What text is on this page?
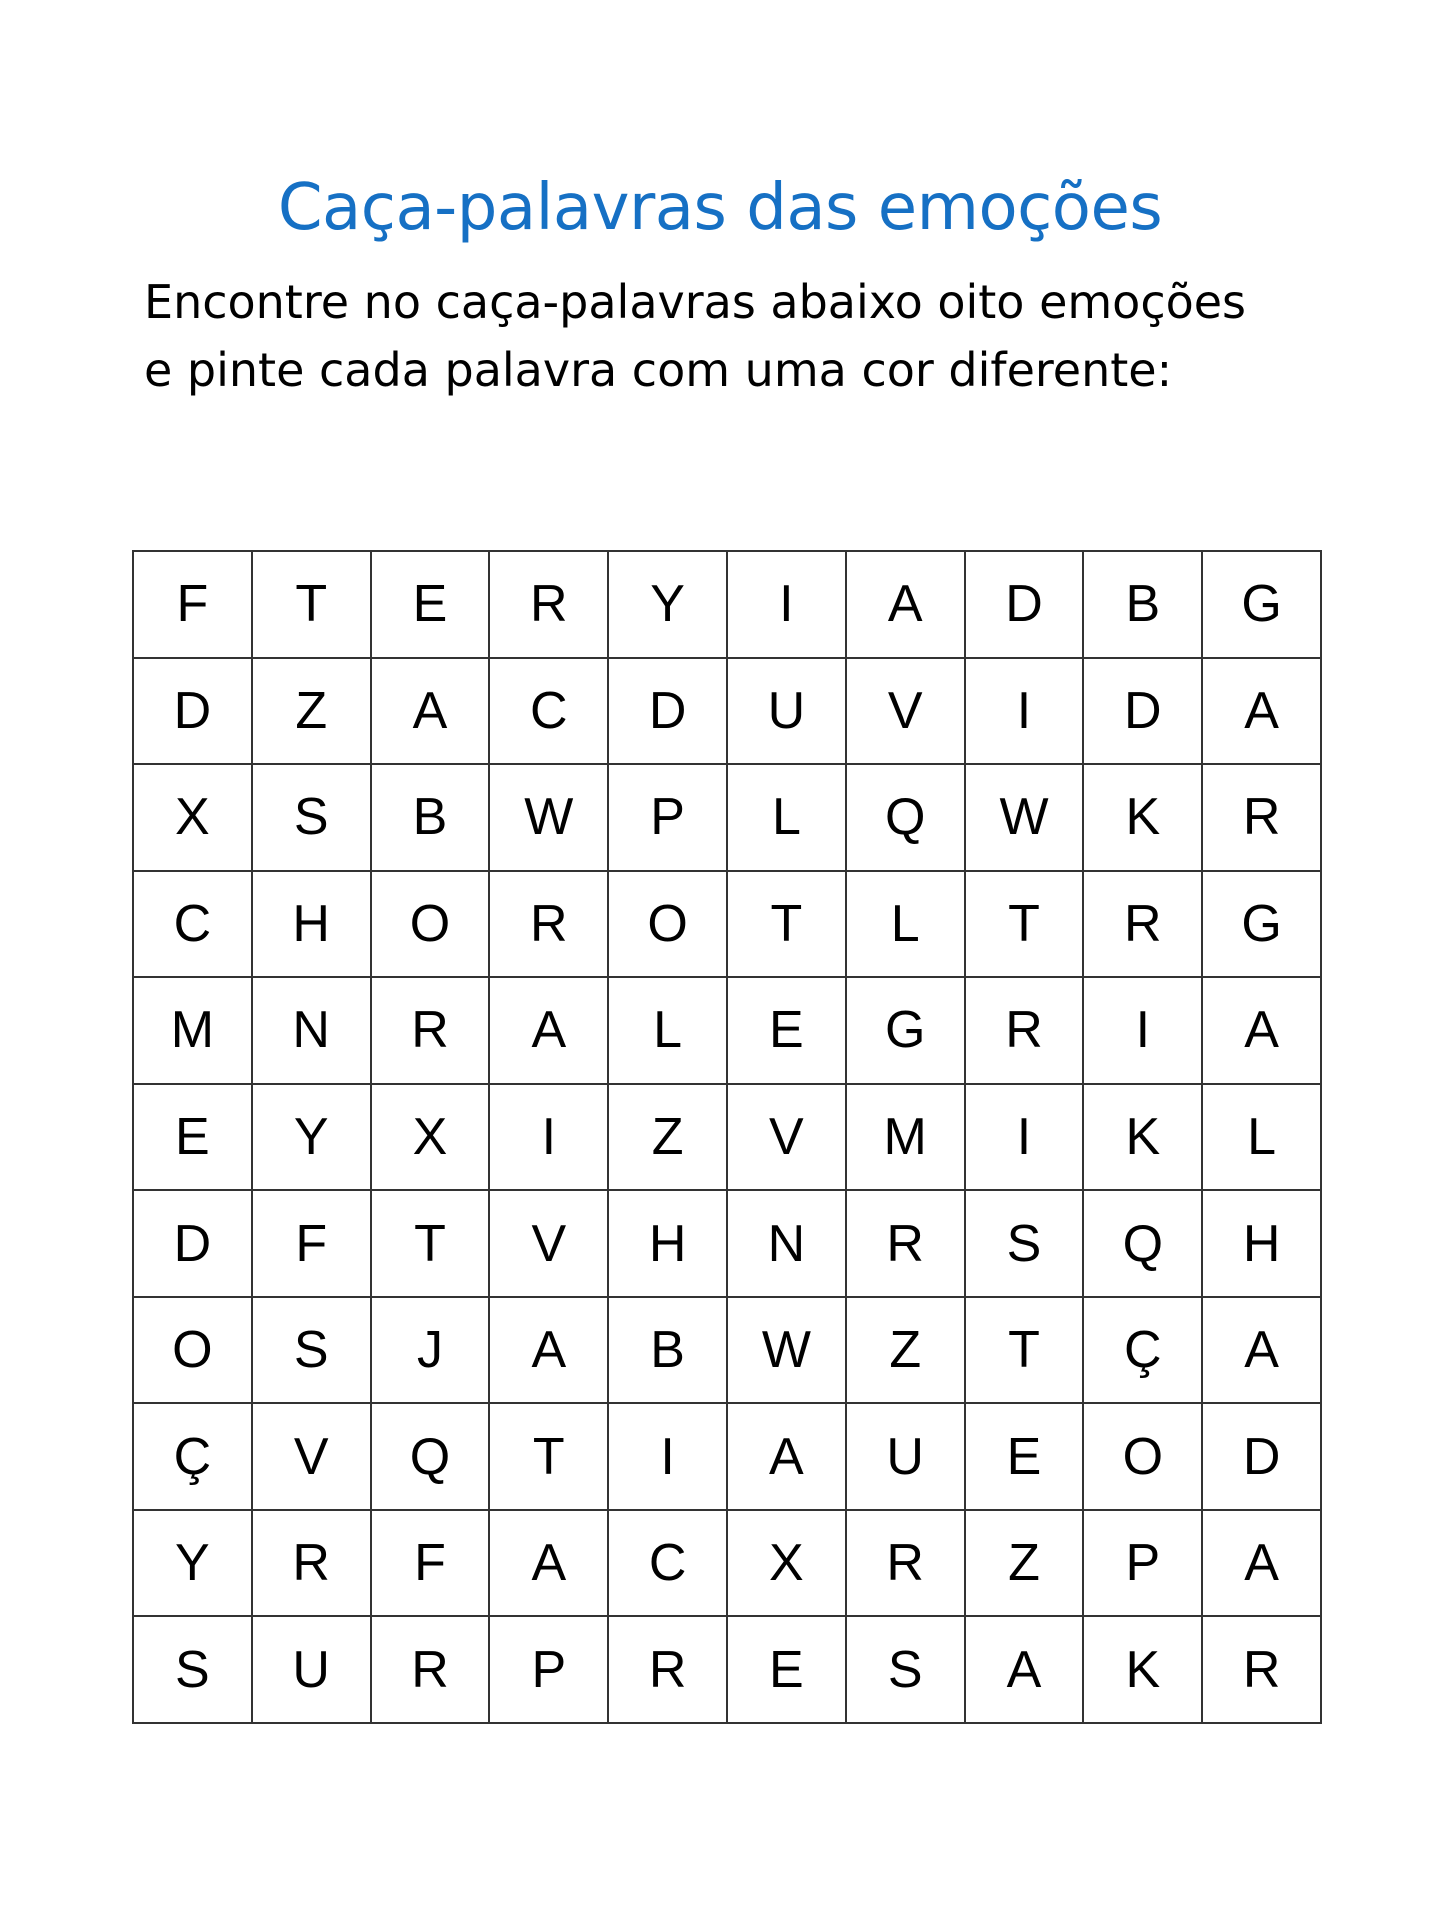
Caça-palavras das emoções
Encontre no caça-palavras abaixo oito emoções
e pinte cada palavra com uma cor diferente:
F	T	E	R	Y	I	A	D	B	G
D	Z	A	C	D	U	V	I	D	A
X	S	B	W	P	L	Q	W	K	R
C	H	O	R	O	T	L	T	R	G
M	N	R	A	L	E	G	R	I	A
E	Y	X	I	Z	V	M	I	K	L
D	F	T	V	H	N	R	S	Q	H
O	S	J	A	B	W	Z	T	Ç	A
Ç	V	Q	T	I	A	U	E	O	D
Y	R	F	A	C	X	R	Z	P	A
S	U	R	P	R	E	S	A	K	R
